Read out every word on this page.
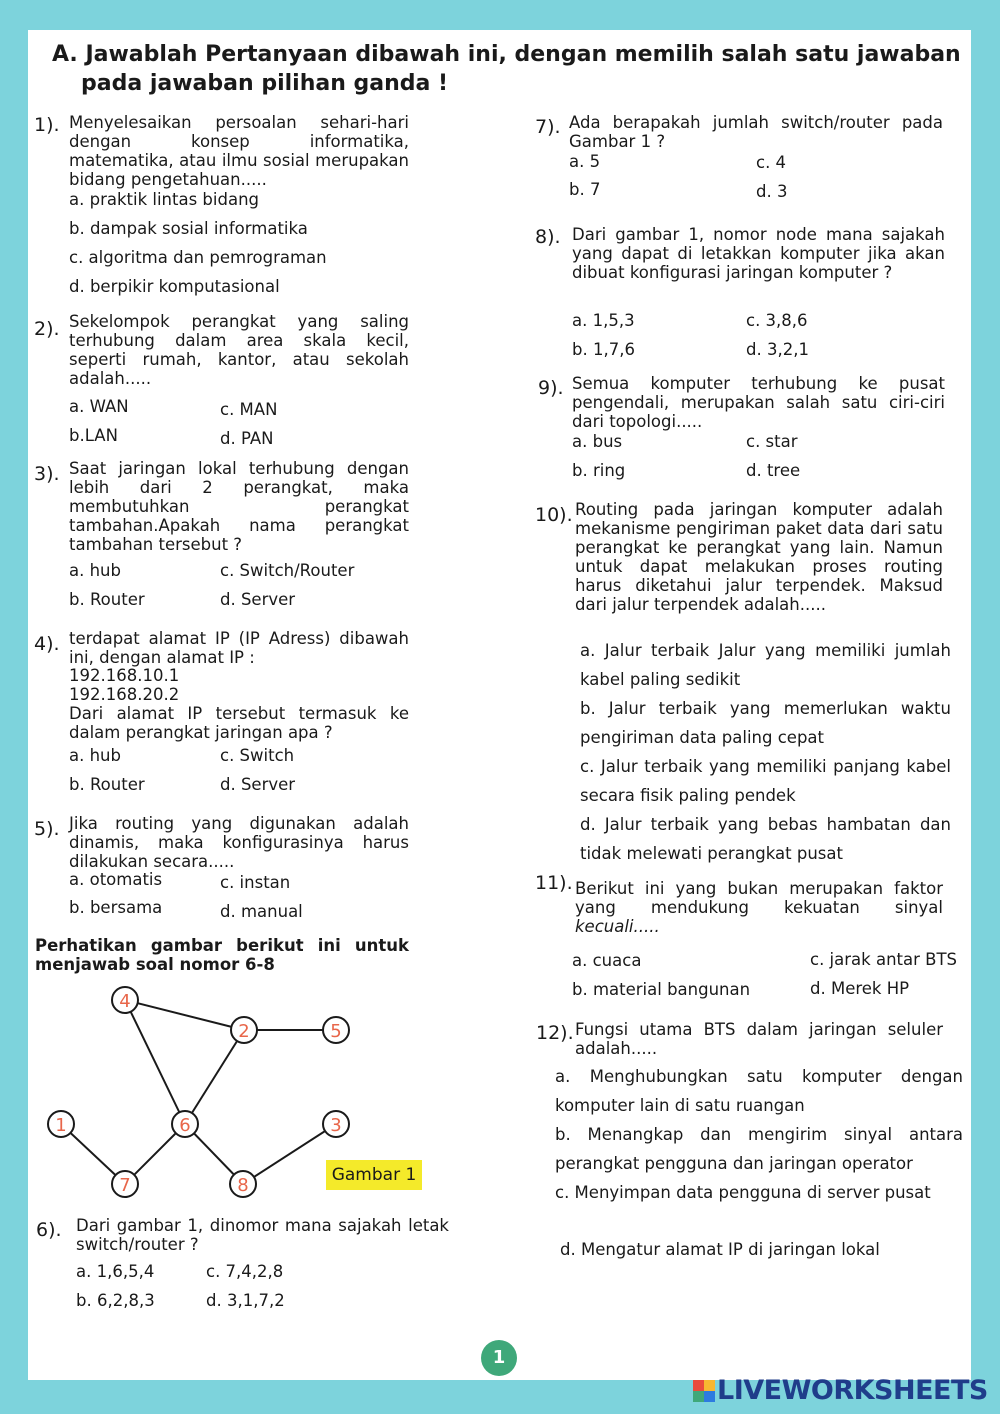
A. Jawablah Pertanyaan dibawah ini, dengan memilih salah satu jawaban
pada jawaban pilihan ganda !
1). Menyelesaikan persoalan sehari-hari dengan konsep informatika, matematika, atau ilmu sosial merupakan bidang pengetahuan.....
a. praktik lintas bidang
b. dampak sosial informatika
c. algoritma dan pemrograman
d. berpikir komputasional
2). Sekelompok perangkat yang saling terhubung dalam area skala kecil, seperti rumah, kantor, atau sekolah adalah.....
a. WAN	c. MAN
b.LAN	d. PAN
3). Saat jaringan lokal terhubung dengan lebih dari 2 perangkat, maka membutuhkan perangkat tambahan.Apakah nama perangkat tambahan tersebut ?
a. hub	c. Switch/Router
b. Router	d. Server
4). terdapat alamat IP (IP Adress) dibawah ini, dengan alamat IP :
192.168.10.1
192.168.20.2
Dari alamat IP tersebut termasuk ke dalam perangkat jaringan apa ?
a. hub	c. Switch
b. Router	d. Server
5). Jika routing yang digunakan adalah dinamis, maka konfigurasinya harus dilakukan secara.....
a. otomatis	c. instan
b. bersama	d. manual
Perhatikan gambar berikut ini untuk menjawab soal nomor 6-8
4
2	5
1	6	3
7	8	Gambar 1
6). Dari gambar 1, dinomor mana sajakah letak switch/router ?
a. 1,6,5,4	c. 7,4,2,8
b. 6,2,8,3	d. 3,1,7,2
7). Ada berapakah jumlah switch/router pada Gambar 1 ?
a. 5	c. 4
b. 7	d. 3
8). Dari gambar 1, nomor node mana sajakah yang dapat di letakkan komputer jika akan dibuat konfigurasi jaringan komputer ?
a. 1,5,3	c. 3,8,6
b. 1,7,6	d. 3,2,1
9). Semua komputer terhubung ke pusat pengendali, merupakan salah satu ciri-ciri dari topologi.....
a. bus	c. star
b. ring	d. tree
10). Routing pada jaringan komputer adalah mekanisme pengiriman paket data dari satu perangkat ke perangkat yang lain. Namun untuk dapat melakukan proses routing harus diketahui jalur terpendek. Maksud dari jalur terpendek adalah.....
a. Jalur terbaik Jalur yang memiliki jumlah kabel paling sedikit
b. Jalur terbaik yang memerlukan waktu pengiriman data paling cepat
c. Jalur terbaik yang memiliki panjang kabel secara fisik paling pendek
d. Jalur terbaik yang bebas hambatan dan tidak melewati perangkat pusat
11). Berikut ini yang bukan merupakan faktor yang mendukung kekuatan sinyal kecuali.....
a. cuaca	c. jarak antar BTS
b. material bangunan	d. Merek HP
12). Fungsi utama BTS dalam jaringan seluler adalah.....
a. Menghubungkan satu komputer dengan komputer lain di satu ruangan
b. Menangkap dan mengirim sinyal antara perangkat pengguna dan jaringan operator
c. Menyimpan data pengguna di server pusat
d. Mengatur alamat IP di jaringan lokal
1
LIVEWORKSHEETS
